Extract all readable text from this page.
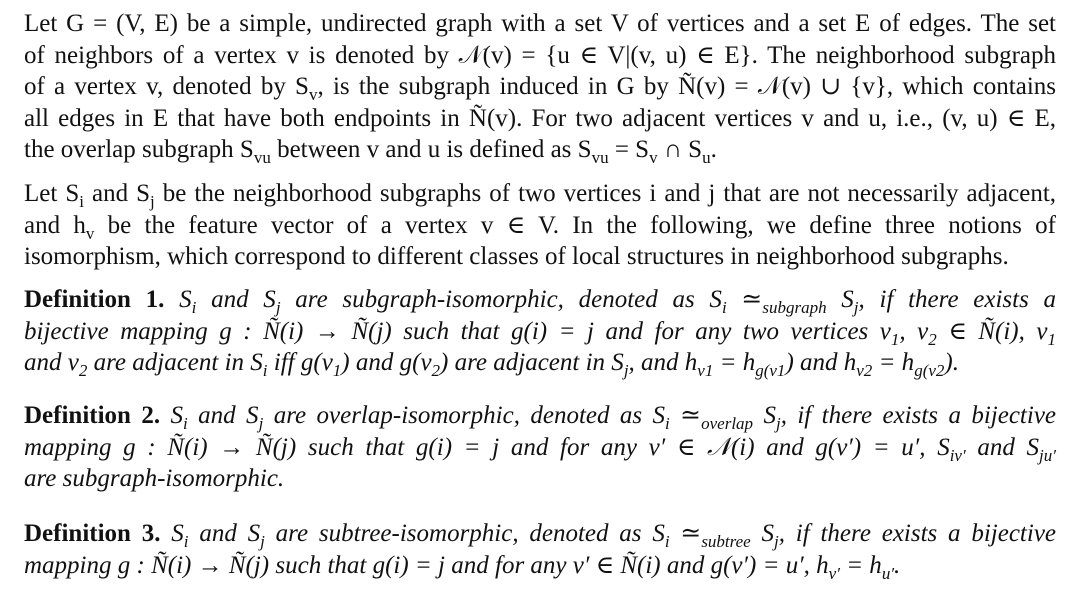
Let G = (V, E) be a simple, undirected graph with a set V of vertices and a set E of edges. The set
of neighbors of a vertex v is denoted by 𝒩(v) = {u ∈ V|(v, u) ∈ E}. The neighborhood subgraph
of a vertex v, denoted by $S_v$, is the subgraph induced in G by Ñ(v) = 𝒩(v) ∪ {v}, which contains
all edges in E that have both endpoints in Ñ(v). For two adjacent vertices v and u, i.e., (v, u) ∈ E,
the overlap subgraph $S_{vu}$ between v and u is defined as $S_{vu} = S_v$ ∩ $S_u$.

Let $S_i$ and $S_j$ be the neighborhood subgraphs of two vertices i and j that are not necessarily adjacent,
and $h_v$ be the feature vector of a vertex v ∈ V. In the following, we define three notions of
isomorphism, which correspond to different classes of local structures in neighborhood subgraphs.

Definition 1. $S_i$ and $S_j$ are subgraph-isomorphic, denoted as $S_i$ $≃_{subgraph}$ $S_j$, if there exists a
bijective mapping g : Ñ(i) → Ñ(j) such that g(i) = j and for any two vertices $v_1$, $v_2$ ∈ Ñ(i), $v_1$
and $v_2$ are adjacent in $S_i$ iff $g(v_1)$ and $g(v_2)$ are adjacent in $S_j$, and $h_{v1} = h_{g(v1}$) and $h_{v2} = h_{g(v2}$).
Definition 2. $S_i$ and $S_j$ are overlap-isomorphic, denoted as $S_i$ $≃_{overlap}$ $S_j$, if there exists a bijective
mapping g : Ñ(i) → Ñ(j) such that g(i) = j and for any v′ ∈ 𝒩(i) and g(v′) = u′, $S_{iv'}$ and $S_{ju'}$
are subgraph-isomorphic.
Definition 3. $S_i$ and $S_j$ are subtree-isomorphic, denoted as $S_i$ $≃_{subtree}$ $S_j$, if there exists a bijective
mapping g : Ñ(i) → Ñ(j) such that g(i) = j and for any v′ ∈ Ñ(i) and g(v′) = u′, $h_{v'} = h_{u'}$.
